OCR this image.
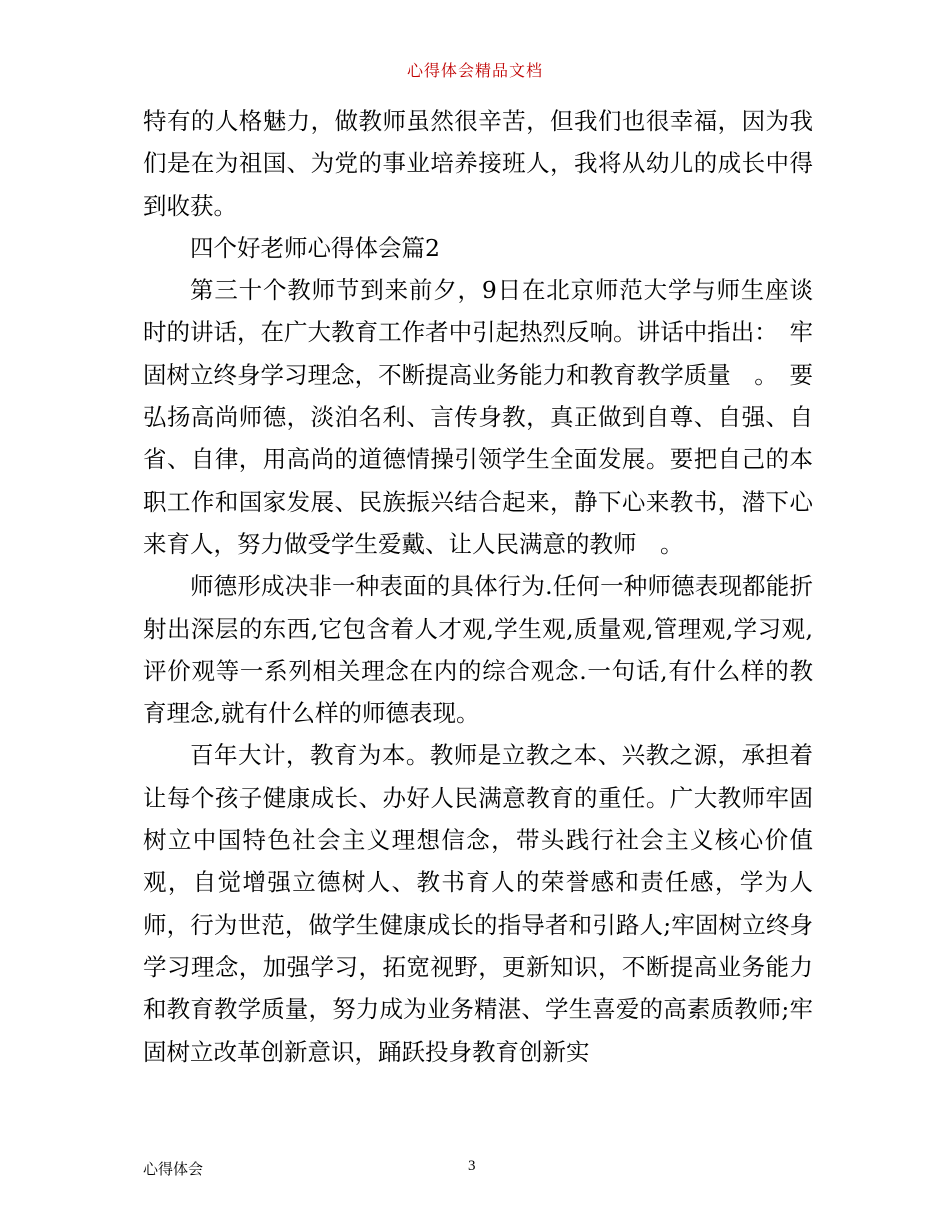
心得体会精品文档

特有的人格魅力，做教师虽然很辛苦，但我们也很幸福，因为我们是在为祖国、为党的事业培养接班人，我将从幼儿的成长中得到收获。

四个好老师心得体会篇2

第三十个教师节到来前夕，9日在北京师范大学与师生座谈时的讲话，在广大教育工作者中引起热烈反响。讲话中指出：　牢固树立终身学习理念，不断提高业务能力和教育教学质量　。　要弘扬高尚师德，淡泊名利、言传身教，真正做到自尊、自强、自省、自律，用高尚的道德情操引领学生全面发展。要把自己的本职工作和国家发展、民族振兴结合起来，静下心来教书，潜下心来育人，努力做受学生爱戴、让人民满意的教师　。

师德形成决非一种表面的具体行为.任何一种师德表现都能折射出深层的东西,它包含着人才观,学生观,质量观,管理观,学习观,评价观等一系列相关理念在内的综合观念.一句话,有什么样的教育理念,就有什么样的师德表现。

百年大计，教育为本。教师是立教之本、兴教之源，承担着让每个孩子健康成长、办好人民满意教育的重任。广大教师牢固树立中国特色社会主义理想信念，带头践行社会主义核心价值观，自觉增强立德树人、教书育人的荣誉感和责任感，学为人师，行为世范，做学生健康成长的指导者和引路人;牢固树立终身学习理念，加强学习，拓宽视野，更新知识，不断提高业务能力和教育教学质量，努力成为业务精湛、学生喜爱的高素质教师;牢固树立改革创新意识，踊跃投身教育创新实

心得体会	3
